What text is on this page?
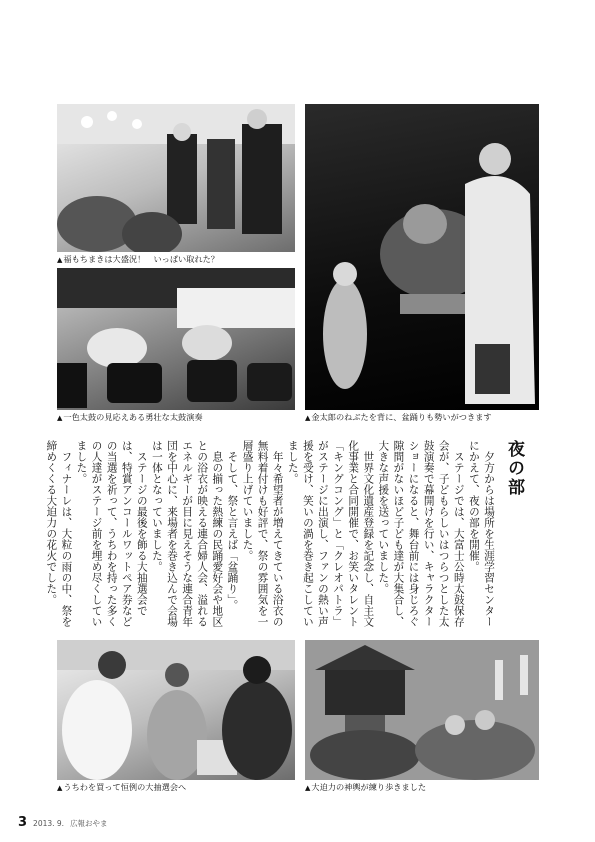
▲福もちまきは大盛況！　いっぱい取れた？
▲一色太鼓の見応えある勇壮な太鼓演奏	▲金太郎のねぶたを背に、盆踊りも勢いがつきます
夜の部

夕方からは場所を生涯学習センターにかえて、夜の部を開催。

ステージでは、大富士公時太鼓保存会が、子どもらしいはつらつとした太鼓演奏で幕開けを行い、キャラクターショーになると、舞台前には身じろぐ隙間がないほど子ども達が大集合し、大きな声援を送っていました。

世界文化遺産登録を記念し、自主文化事業と合同開催で、お笑いタレント「キングコング」と「クレオパトラ」がステージに出演し、ファンの熱い声援を受け、笑いの渦を巻き起こしていました。

年々希望者が増えてきている浴衣の無料着付けも好評で、祭の雰囲気を一層盛り上げていました。

そして、祭と言えば「盆踊り」。

息の揃った熱練の民踊愛好会や地区との浴衣が映える連合婦人会、溢れるエネルギーが目に見えそうな連合青年団を中心に、来場者を巻き込んで会場は一体となっていました。

ステージの最後を飾る大抽選会では、特賞アンコールワットペア券などの当選を祈って、うちわを持った多くの人達がステージ前を埋め尽くしていました。

フィナーレは、大粒の雨の中、祭を締めくくる大迫力の花火でした。

▲うちわを買って恒例の大抽選会へ	▲大迫力の神輿が練り歩きました
3 2013. 9. 広報おやま
